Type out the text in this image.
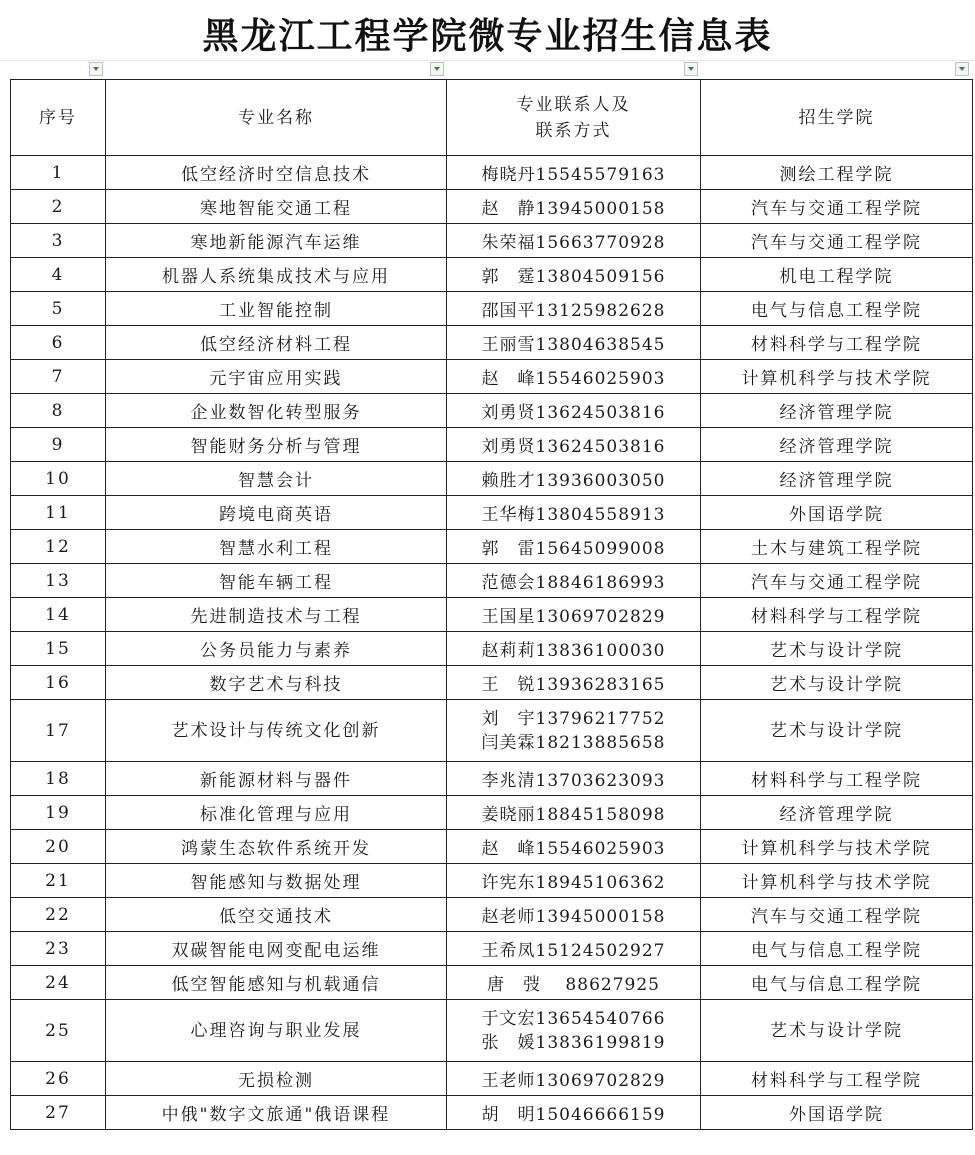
黑龙江工程学院微专业招生信息表
序号	专业名称	专业联系人及
联系方式	招生学院
1	低空经济时空信息技术	梅晓丹15545579163	测绘工程学院
2	寒地智能交通工程	赵　静13945000158	汽车与交通工程学院
3	寒地新能源汽车运维	朱荣福15663770928	汽车与交通工程学院
4	机器人系统集成技术与应用	郭　霆13804509156	机电工程学院
5	工业智能控制	邵国平13125982628	电气与信息工程学院
6	低空经济材料工程	王丽雪13804638545	材料科学与工程学院
7	元宇宙应用实践	赵　峰15546025903	计算机科学与技术学院
8	企业数智化转型服务	刘勇贤13624503816	经济管理学院
9	智能财务分析与管理	刘勇贤13624503816	经济管理学院
10	智慧会计	赖胜才13936003050	经济管理学院
11	跨境电商英语	王华梅13804558913	外国语学院
12	智慧水利工程	郭　雷15645099008	土木与建筑工程学院
13	智能车辆工程	范德会18846186993	汽车与交通工程学院
14	先进制造技术与工程	王国星13069702829	材料科学与工程学院
15	公务员能力与素养	赵莉莉13836100030	艺术与设计学院
16	数字艺术与科技	王　锐13936283165	艺术与设计学院
17	艺术设计与传统文化创新	刘　宇13796217752
闫美霖18213885658	艺术与设计学院
18	新能源材料与器件	李兆清13703623093	材料科学与工程学院
19	标准化管理与应用	姜晓丽18845158098	经济管理学院
20	鸿蒙生态软件系统开发	赵　峰15546025903	计算机科学与技术学院
21	智能感知与数据处理	许宪东18945106362	计算机科学与技术学院
22	低空交通技术	赵老师13945000158	汽车与交通工程学院
23	双碳智能电网变配电运维	王希凤15124502927	电气与信息工程学院
24	低空智能感知与机载通信	唐　弢　 88627925	电气与信息工程学院
25	心理咨询与职业发展	于文宏13654540766
张　媛13836199819	艺术与设计学院
26	无损检测	王老师13069702829	材料科学与工程学院
27	中俄"数字文旅通"俄语课程	胡　明15046666159	外国语学院
